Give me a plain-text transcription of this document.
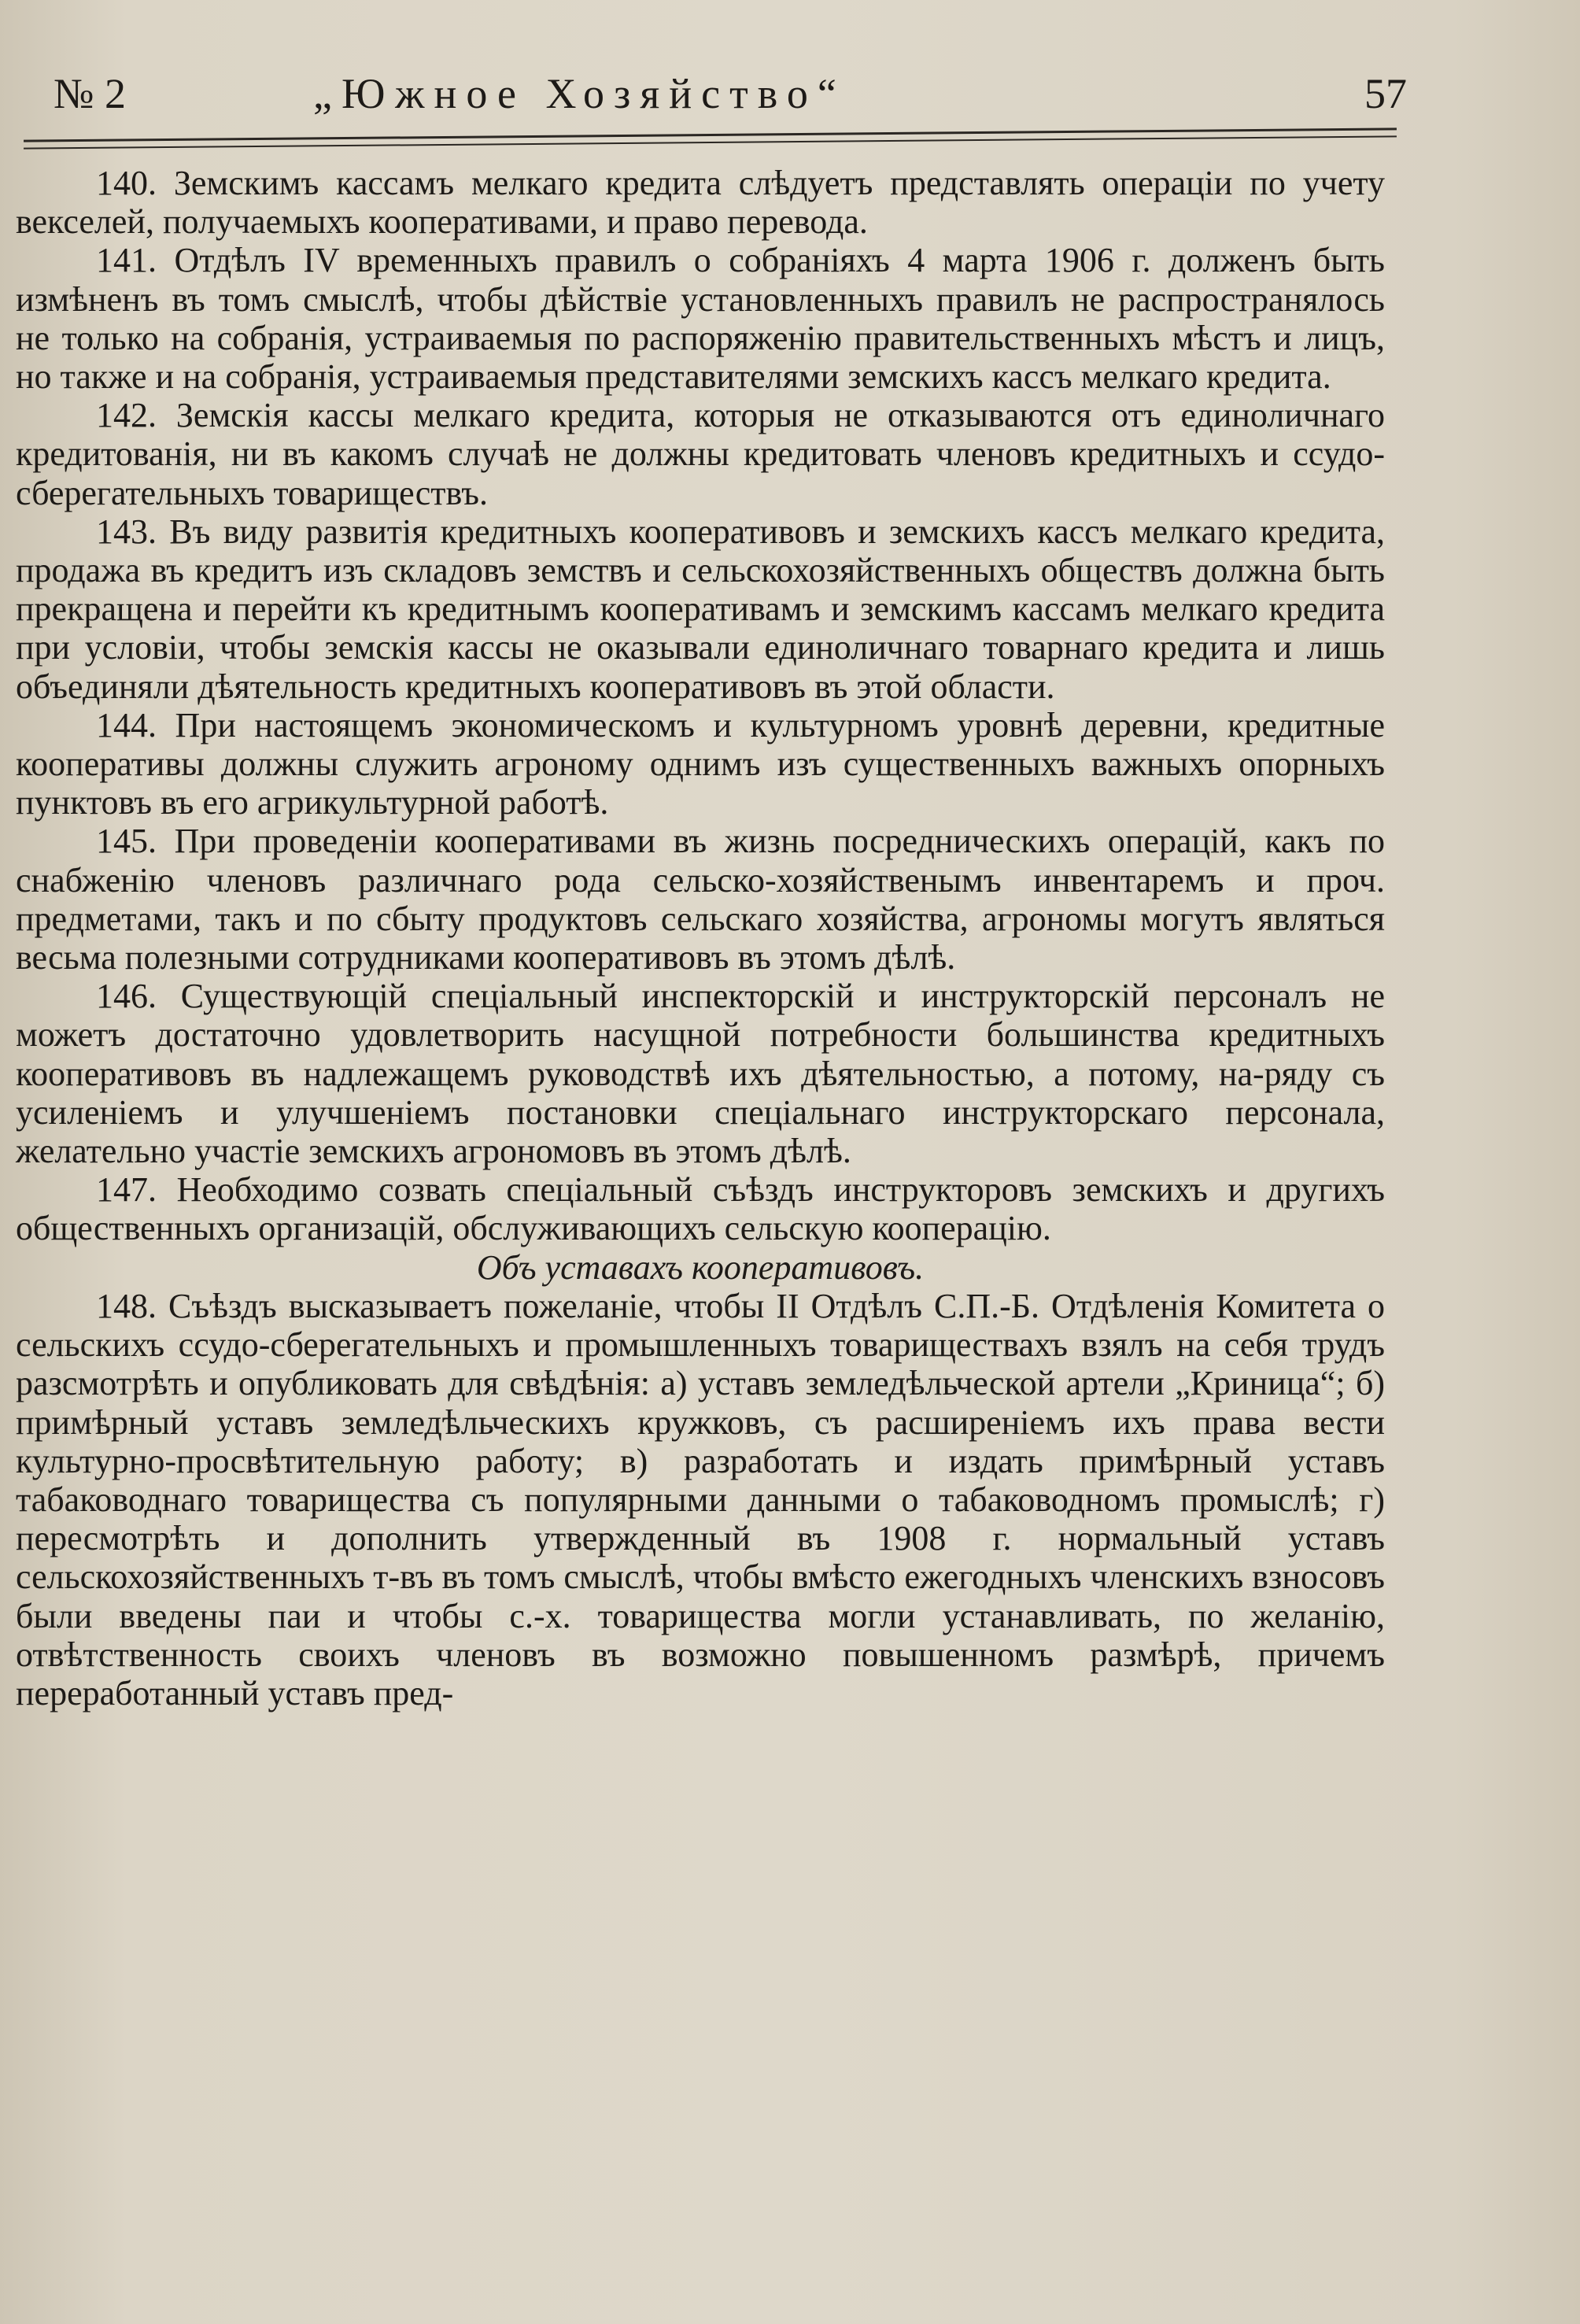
№ 2	„Южное Хозяйство“	57

140. Земскимъ кассамъ мелкаго кредита слѣдуетъ представлять операціи по учету векселей, получаемыхъ кооперативами, и право перевода.

141. Отдѣлъ IV временныхъ правилъ о собраніяхъ 4 марта 1906 г. долженъ быть измѣненъ въ томъ смыслѣ, чтобы дѣйствіе установленныхъ правилъ не распространялось не только на собранія, устраиваемыя по распоряженію правительственныхъ мѣстъ и лицъ, но также и на собранія, устраиваемыя представителями земскихъ кассъ мелкаго кредита.

142. Земскія кассы мелкаго кредита, которыя не отказываются отъ единоличнаго кредитованія, ни въ какомъ случаѣ не должны кредитовать членовъ кредитныхъ и ссудо-сберегательныхъ товариществъ.

143. Въ виду развитія кредитныхъ кооперативовъ и земскихъ кассъ мелкаго кредита, продажа въ кредитъ изъ складовъ земствъ и сельскохозяйственныхъ обществъ должна быть прекращена и перейти къ кредитнымъ кооперативамъ и земскимъ кассамъ мелкаго кредита при условіи, чтобы земскія кассы не оказывали единоличнаго товарнаго кредита и лишь объединяли дѣятельность кредитныхъ кооперативовъ въ этой области.

144. При настоящемъ экономическомъ и культурномъ уровнѣ деревни, кредитные кооперативы должны служить агроному однимъ изъ существенныхъ важныхъ опорныхъ пунктовъ въ его агрикультурной работѣ.

145. При проведеніи кооперативами въ жизнь посредническихъ операцій, какъ по снабженію членовъ различнаго рода сельско-хозяйственымъ инвентаремъ и проч. предметами, такъ и по сбыту продуктовъ сельскаго хозяйства, агрономы могутъ являться весьма полезными сотрудниками кооперативовъ въ этомъ дѣлѣ.

146. Существующій спеціальный инспекторскій и инструкторскій персоналъ не можетъ достаточно удовлетворить насущной потребности большинства кредитныхъ кооперативовъ въ надлежащемъ руководствѣ ихъ дѣятельностью, а потому, на-ряду съ усиленіемъ и улучшеніемъ постановки спеціальнаго инструкторскаго персонала, желательно участіе земскихъ агрономовъ въ этомъ дѣлѣ.

147. Необходимо созвать спеціальный съѣздъ инструкторовъ земскихъ и другихъ общественныхъ организацій, обслуживающихъ сельскую кооперацію.

Объ уставахъ кооперативовъ.

148. Съѣздъ высказываетъ пожеланіе, чтобы II Отдѣлъ С.П.-Б. Отдѣленія Комитета о сельскихъ ссудо-сберегательныхъ и промышленныхъ товариществахъ взялъ на себя трудъ разсмотрѣть и опубликовать для свѣдѣнія: а) уставъ земледѣльческой артели „Криница“; б) примѣрный уставъ земледѣльческихъ кружковъ, съ расширеніемъ ихъ права вести культурно-просвѣтительную работу; в) разработать и издать примѣрный уставъ табаководнаго товарищества съ популярными данными о табаководномъ промыслѣ; г) пересмотрѣть и дополнить утвержденный въ 1908 г. нормальный уставъ сельскохозяйственныхъ т-въ въ томъ смыслѣ, чтобы вмѣсто ежегодныхъ членскихъ взносовъ были введены паи и чтобы с.-х. товарищества могли устанавливать, по желанію, отвѣтственность своихъ членовъ въ возможно повышенномъ размѣрѣ, причемъ переработанный уставъ пред-
